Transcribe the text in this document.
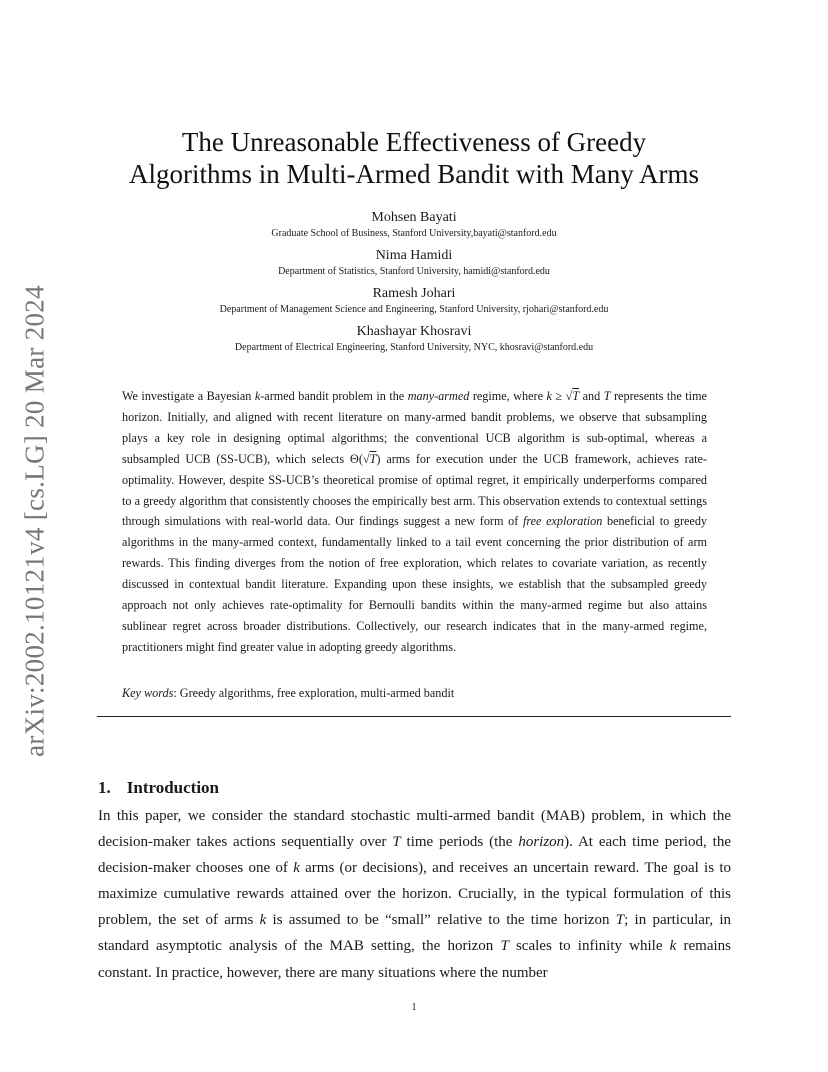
arXiv:2002.10121v4 [cs.LG] 20 Mar 2024
The Unreasonable Effectiveness of Greedy
Algorithms in Multi-Armed Bandit with Many Arms
Mohsen Bayati
Graduate School of Business, Stanford University,bayati@stanford.edu
Nima Hamidi
Department of Statistics, Stanford University, hamidi@stanford.edu
Ramesh Johari
Department of Management Science and Engineering, Stanford University, rjohari@stanford.edu
Khashayar Khosravi
Department of Electrical Engineering, Stanford University, NYC, khosravi@stanford.edu
We investigate a Bayesian k-armed bandit problem in the many-armed regime, where k ≥ √T and T represents the time horizon. Initially, and aligned with recent literature on many-armed bandit problems, we observe that subsampling plays a key role in designing optimal algorithms; the conventional UCB algorithm is sub-optimal, whereas a subsampled UCB (SS-UCB), which selects Θ(√T) arms for execution under the UCB framework, achieves rate-optimality. However, despite SS-UCB’s theoretical promise of optimal regret, it empirically underperforms compared to a greedy algorithm that consistently chooses the empirically best arm. This observation extends to contextual settings through simulations with real-world data. Our findings suggest a new form of free exploration beneficial to greedy algorithms in the many-armed context, fundamentally linked to a tail event concerning the prior distribution of arm rewards. This finding diverges from the notion of free exploration, which relates to covariate variation, as recently discussed in contextual bandit literature. Expanding upon these insights, we establish that the subsampled greedy approach not only achieves rate-optimality for Bernoulli bandits within the many-armed regime but also attains sublinear regret across broader distributions. Collectively, our research indicates that in the many-armed regime, practitioners might find greater value in adopting greedy algorithms.
Key words: Greedy algorithms, free exploration, multi-armed bandit
1. Introduction
In this paper, we consider the standard stochastic multi-armed bandit (MAB) problem, in which the decision-maker takes actions sequentially over T time periods (the horizon). At each time period, the decision-maker chooses one of k arms (or decisions), and receives an uncertain reward. The goal is to maximize cumulative rewards attained over the horizon. Crucially, in the typical formulation of this problem, the set of arms k is assumed to be “small” relative to the time horizon T; in particular, in standard asymptotic analysis of the MAB setting, the horizon T scales to infinity while k remains constant. In practice, however, there are many situations where the number
1
